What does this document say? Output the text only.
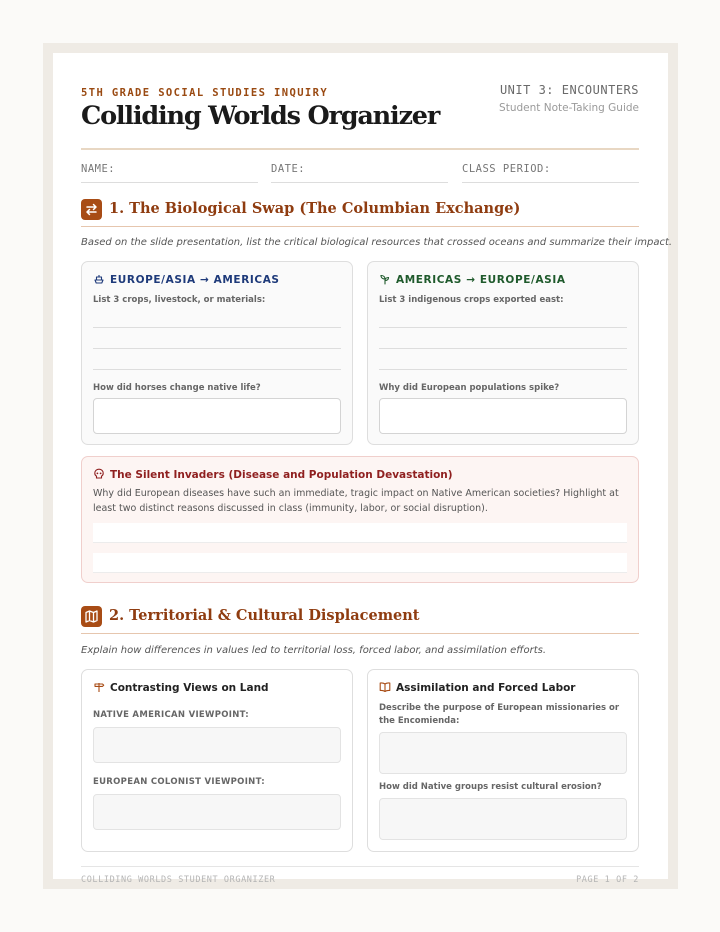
5TH GRADE SOCIAL STUDIES INQUIRY
Colliding Worlds Organizer
UNIT 3: ENCOUNTERS
Student Note-Taking Guide
NAME:	DATE:	CLASS PERIOD:
1. The Biological Swap (The Columbian Exchange)
Based on the slide presentation, list the critical biological resources that crossed oceans and summarize their impact.
EUROPE/ASIA → AMERICAS
List 3 crops, livestock, or materials:
How did horses change native life?
AMERICAS → EUROPE/ASIA
List 3 indigenous crops exported east:
Why did European populations spike?
The Silent Invaders (Disease and Population Devastation)
Why did European diseases have such an immediate, tragic impact on Native American societies? Highlight at least two distinct reasons discussed in class (immunity, labor, or social disruption).
2. Territorial & Cultural Displacement
Explain how differences in values led to territorial loss, forced labor, and assimilation efforts.
Contrasting Views on Land
NATIVE AMERICAN VIEWPOINT:
EUROPEAN COLONIST VIEWPOINT:
Assimilation and Forced Labor
Describe the purpose of European missionaries or the Encomienda:
How did Native groups resist cultural erosion?
COLLIDING WORLDS STUDENT ORGANIZER	PAGE 1 OF 2
